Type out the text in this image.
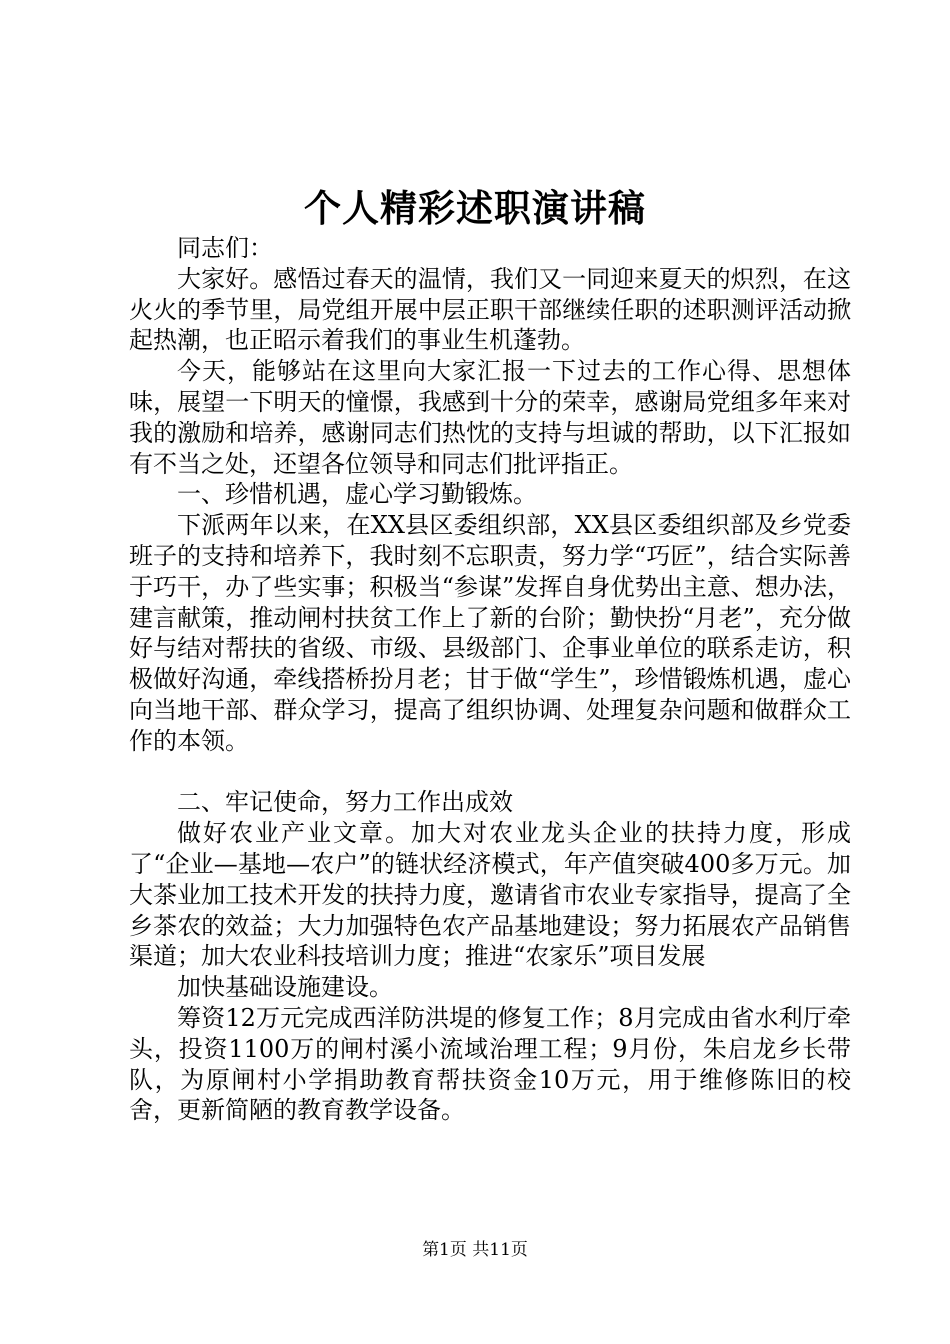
个人精彩述职演讲稿

同志们：

大家好。感悟过春天的温情，我们又一同迎来夏天的炽烈，在这火火的季节里，局党组开展中层正职干部继续任职的述职测评活动掀起热潮，也正昭示着我们的事业生机蓬勃。

今天，能够站在这里向大家汇报一下过去的工作心得、思想体味，展望一下明天的憧憬，我感到十分的荣幸，感谢局党组多年来对我的激励和培养，感谢同志们热忱的支持与坦诚的帮助，以下汇报如有不当之处，还望各位领导和同志们批评指正。

一、珍惜机遇，虚心学习勤锻炼。

下派两年以来，在XX县区委组织部，XX县区委组织部及乡党委班子的支持和培养下，我时刻不忘职责，努力学“巧匠”，结合实际善于巧干，办了些实事；积极当“参谋”发挥自身优势出主意、想办法，建言献策，推动闸村扶贫工作上了新的台阶；勤快扮“月老”，充分做好与结对帮扶的省级、市级、县级部门、企事业单位的联系走访，积极做好沟通，牵线搭桥扮月老；甘于做“学生”，珍惜锻炼机遇，虚心向当地干部、群众学习，提高了组织协调、处理复杂问题和做群众工作的本领。

二、牢记使命，努力工作出成效

做好农业产业文章。加大对农业龙头企业的扶持力度，形成了“企业—基地—农户”的链状经济模式，年产值突破400多万元。加大茶业加工技术开发的扶持力度，邀请省市农业专家指导，提高了全乡茶农的效益；大力加强特色农产品基地建设；努力拓展农产品销售渠道；加大农业科技培训力度；推进“农家乐”项目发展

加快基础设施建设。

筹资12万元完成西洋防洪堤的修复工作；8月完成由省水利厅牵头，投资1100万的闸村溪小流域治理工程；9月份，朱启龙乡长带队，为原闸村小学捐助教育帮扶资金10万元，用于维修陈旧的校舍，更新简陋的教育教学设备。

第1页 共11页
